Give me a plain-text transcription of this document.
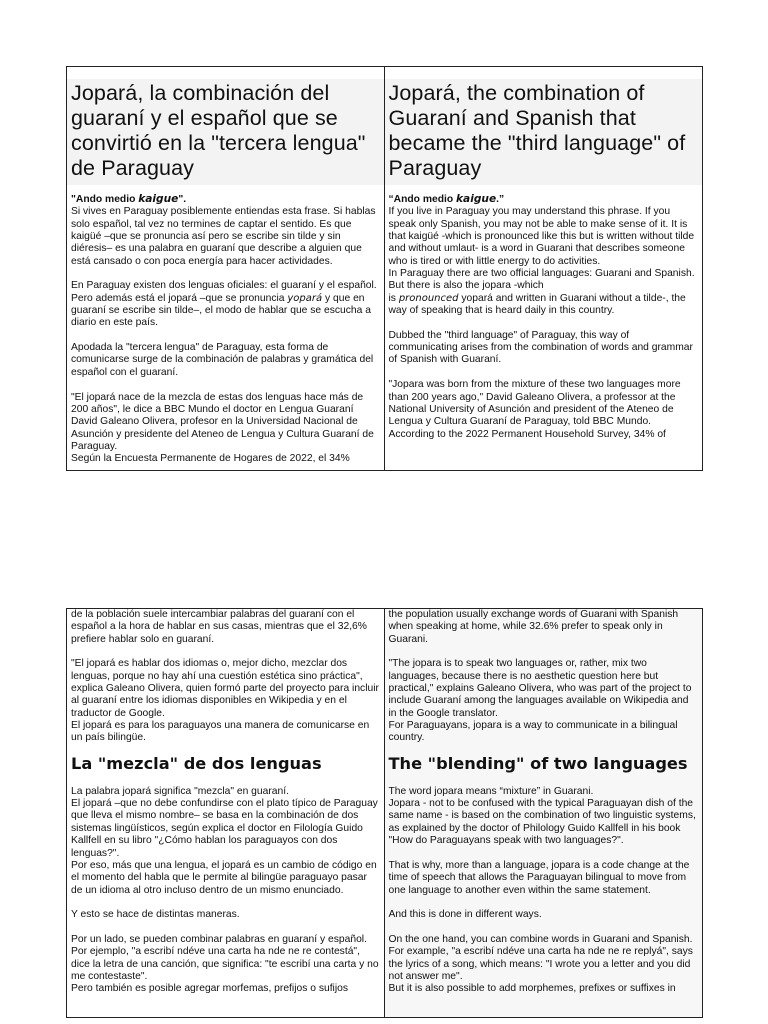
Jopará, la combinación del guaraní y el español que se convirtió en la "tercera lengua" de Paraguay

"Ando medio kaigue".

Si vives en Paraguay posiblemente entiendas esta frase. Si hablas solo español, tal vez no termines de captar el sentido. Es que kaigüé –que se pronuncia así pero se escribe sin tilde y sin diéresis– es una palabra en guaraní que describe a alguien que está cansado o con poca energía para hacer actividades.

En Paraguay existen dos lenguas oficiales: el guaraní y el español. Pero además está el jopará –que se pronuncia yopará y que en guaraní se escribe sin tilde–, el modo de hablar que se escucha a diario en este país.

Apodada la "tercera lengua" de Paraguay, esta forma de comunicarse surge de la combinación de palabras y gramática del español con el guaraní.

"El jopará nace de la mezcla de estas dos lenguas hace más de 200 años", le dice a BBC Mundo el doctor en Lengua Guaraní David Galeano Olivera, profesor en la Universidad Nacional de Asunción y presidente del Ateneo de Lengua y Cultura Guaraní de Paraguay.

Según la Encuesta Permanente de Hogares de 2022, el 34%

Jopará, the combination of Guaraní and Spanish that became the "third language" of Paraguay

“Ando medio kaigue.”

If you live in Paraguay you may understand this phrase. If you speak only Spanish, you may not be able to make sense of it. It is that kaigüé -which is pronounced like this but is written without tilde and without umlaut- is a word in Guarani that describes someone who is tired or with little energy to do activities.

In Paraguay there are two official languages: Guarani and Spanish. But there is also the jopara -which

is pronounced yopará and written in Guarani without a tilde-, the way of speaking that is heard daily in this country.

Dubbed the "third language" of Paraguay, this way of communicating arises from the combination of words and grammar of Spanish with Guaraní.

"Jopara was born from the mixture of these two languages more than 200 years ago," David Galeano Olivera, a professor at the National University of Asunción and president of the Ateneo de Lengua y Cultura Guaraní de Paraguay, told BBC Mundo.

According to the 2022 Permanent Household Survey, 34% of

de la población suele intercambiar palabras del guaraní con el español a la hora de hablar en sus casas, mientras que el 32,6% prefiere hablar solo en guaraní.

"El jopará es hablar dos idiomas o, mejor dicho, mezclar dos lenguas, porque no hay ahí una cuestión estética sino práctica", explica Galeano Olivera, quien formó parte del proyecto para incluir al guaraní entre los idiomas disponibles en Wikipedia y en el traductor de Google.

El jopará es para los paraguayos una manera de comunicarse en un país bilingüe.

La "mezcla" de dos lenguas

La palabra jopará significa "mezcla" en guaraní.

El jopará –que no debe confundirse con el plato típico de Paraguay que lleva el mismo nombre– se basa en la combinación de dos sistemas lingüísticos, según explica el doctor en Filología Guido Kallfell en su libro "¿Cómo hablan los paraguayos con dos lenguas?".

Por eso, más que una lengua, el jopará es un cambio de código en el momento del habla que le permite al bilingüe paraguayo pasar de un idioma al otro incluso dentro de un mismo enunciado.

Y esto se hace de distintas maneras.

Por un lado, se pueden combinar palabras en guaraní y español. Por ejemplo, "a escribí ndéve una carta ha nde ne re contestá", dice la letra de una canción, que significa: "te escribí una carta y no me contestaste".

Pero también es posible agregar morfemas, prefijos o sufijos

the population usually exchange words of Guarani with Spanish when speaking at home, while 32.6% prefer to speak only in Guarani.

"The jopara is to speak two languages or, rather, mix two languages, because there is no aesthetic question here but practical," explains Galeano Olivera, who was part of the project to include Guaraní among the languages available on Wikipedia and in the Google translator.

For Paraguayans, jopara is a way to communicate in a bilingual country.

The "blending" of two languages

The word jopara means “mixture” in Guarani.

Jopara - not to be confused with the typical Paraguayan dish of the same name - is based on the combination of two linguistic systems, as explained by the doctor of Philology Guido Kallfell in his book "How do Paraguayans speak with two languages?".

That is why, more than a language, jopara is a code change at the time of speech that allows the Paraguayan bilingual to move from one language to another even within the same statement.

And this is done in different ways.

On the one hand, you can combine words in Guarani and Spanish. For example, "a escribí ndéve una carta ha nde ne re replyá", says the lyrics of a song, which means: "I wrote you a letter and you did not answer me".

But it is also possible to add morphemes, prefixes or suffixes in
